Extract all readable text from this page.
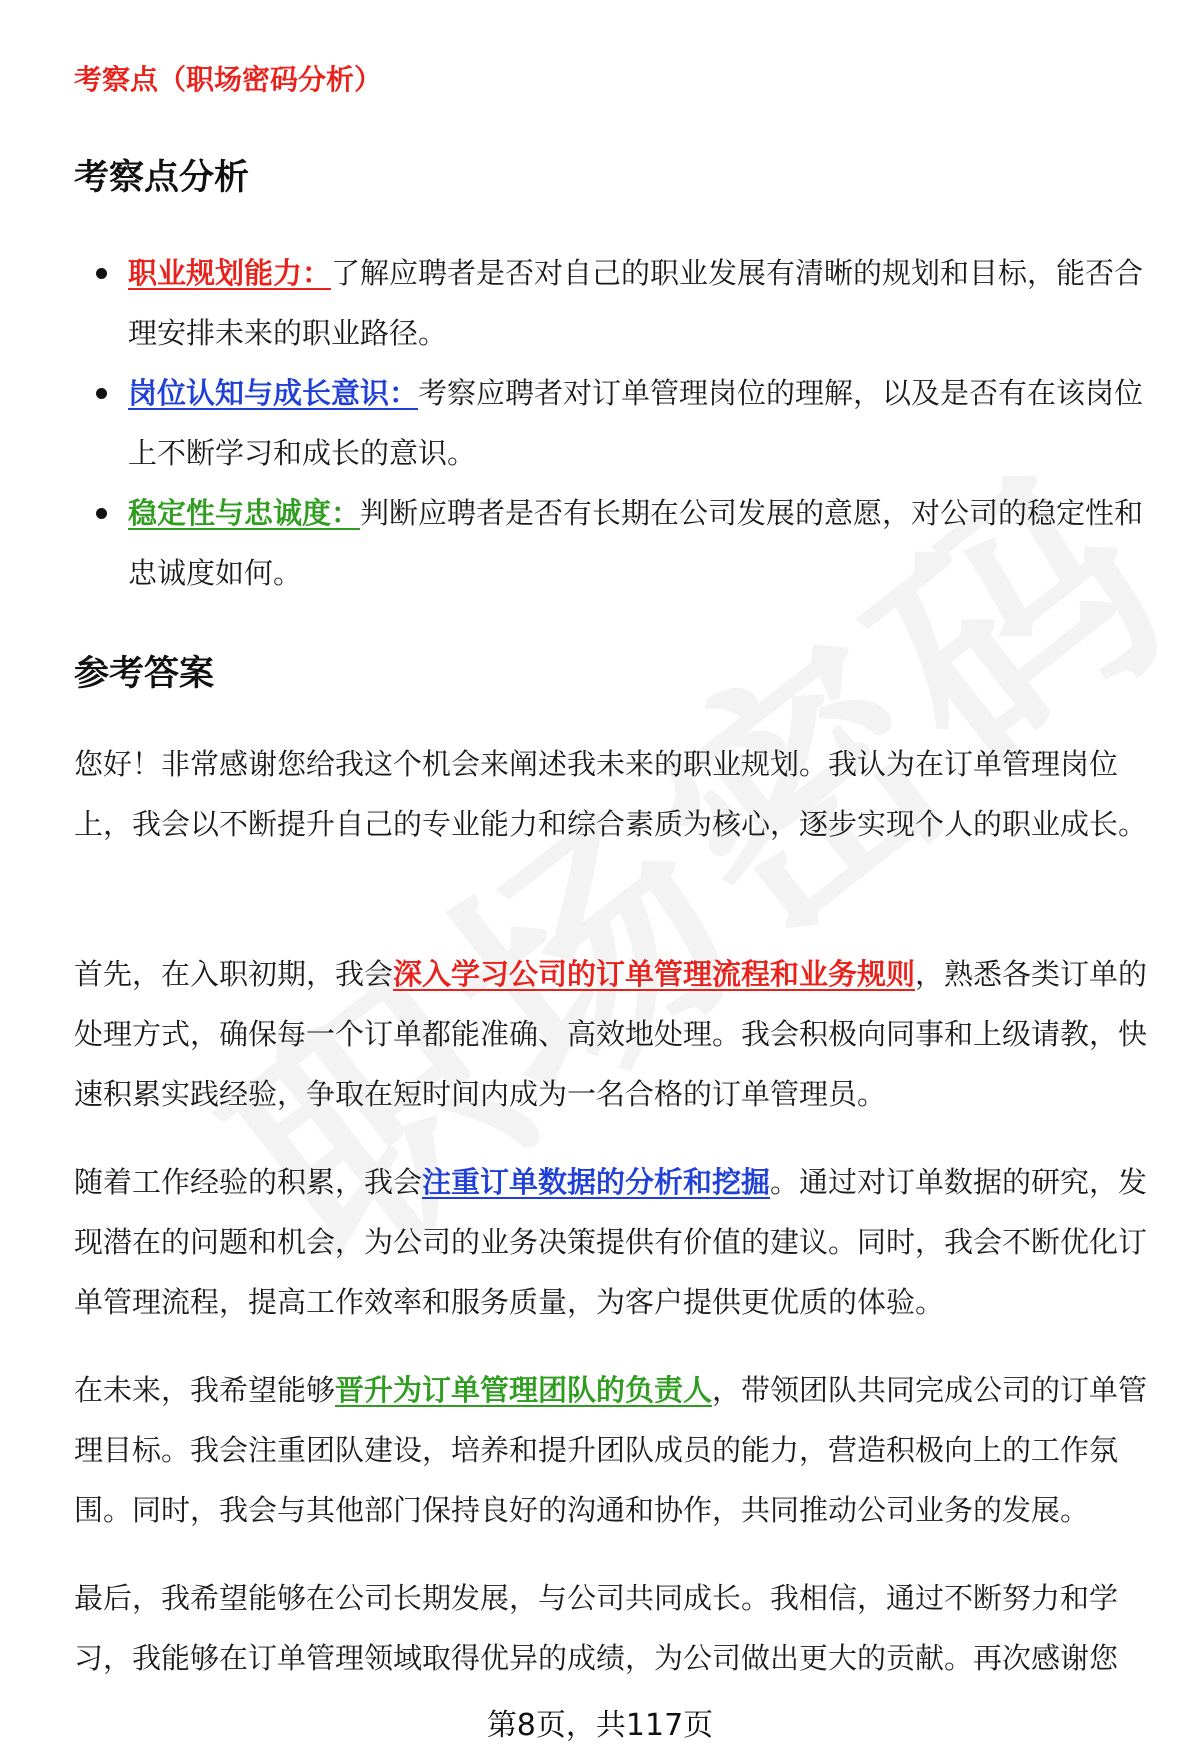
考察点（职场密码分析）
考察点分析
职业规划能力：了解应聘者是否对自己的职业发展有清晰的规划和目标，能否合理安排未来的职业路径。
岗位认知与成长意识：考察应聘者对订单管理岗位的理解，以及是否有在该岗位上不断学习和成长的意识。
稳定性与忠诚度：判断应聘者是否有长期在公司发展的意愿，对公司的稳定性和忠诚度如何。
参考答案

您好！非常感谢您给我这个机会来阐述我未来的职业规划。我认为在订单管理岗位上，我会以不断提升自己的专业能力和综合素质为核心，逐步实现个人的职业成长。

首先，在入职初期，我会深入学习公司的订单管理流程和业务规则，熟悉各类订单的处理方式，确保每一个订单都能准确、高效地处理。我会积极向同事和上级请教，快速积累实践经验，争取在短时间内成为一名合格的订单管理员。

随着工作经验的积累，我会注重订单数据的分析和挖掘。通过对订单数据的研究，发现潜在的问题和机会，为公司的业务决策提供有价值的建议。同时，我会不断优化订单管理流程，提高工作效率和服务质量，为客户提供更优质的体验。

在未来，我希望能够晋升为订单管理团队的负责人，带领团队共同完成公司的订单管理目标。我会注重团队建设，培养和提升团队成员的能力，营造积极向上的工作氛围。同时，我会与其他部门保持良好的沟通和协作，共同推动公司业务的发展。

最后，我希望能够在公司长期发展，与公司共同成长。我相信，通过不断努力和学习，我能够在订单管理领域取得优异的成绩，为公司做出更大的贡献。再次感谢您

第8页，共117页
